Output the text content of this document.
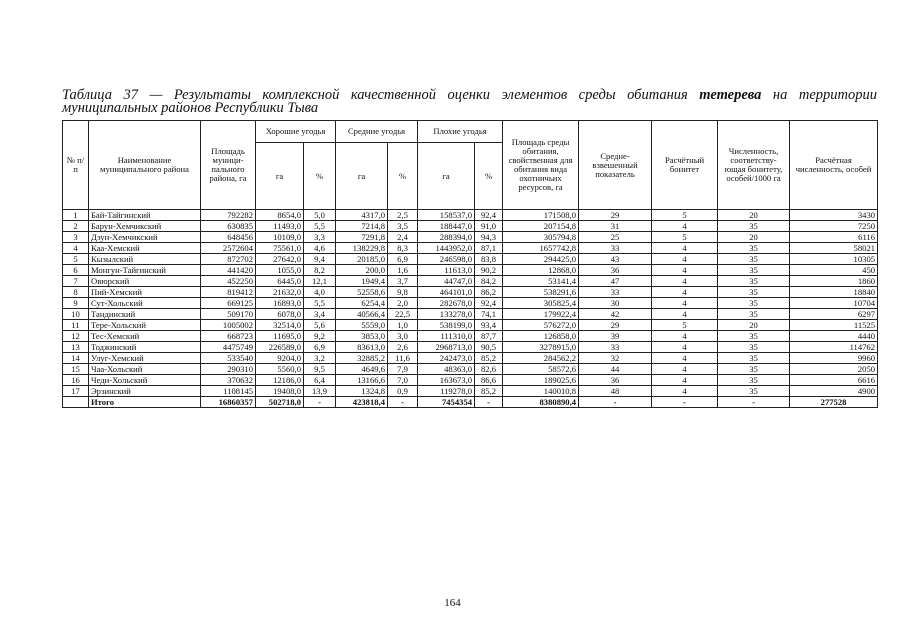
Таблица 37 — Результаты комплексной качественной оценки элементов среды обитания тетерева на территории муниципальных районов Республики Тыва
№ п/п	Наименование муниципального района	Площадь муници-пального района, га	Хорошие угодья		Средние угодья		Плохие угодья		Площадь среды обитания, свойственная для обитания вида охотничьих ресурсов, га	Средне-взвешенный показатель	Расчётный бонитет	Численность, соответству-ющая бонитету, особей/1000 га	Расчётная численность, особей
			га	%	га	%	га	%					
1	Бай-Тайгинский	792282	8654,0	5,0	4317,0	2,5	158537,0	92,4	171508,0	29	5	20	3430
2	Барун-Хемчикский	630835	11493,0	5,5	7214,8	3,5	188447,0	91,0	207154,8	31	4	35	7250
3	Дзун-Хемчикский	648456	10109,0	3,3	7291,8	2,4	288394,0	94,3	305794,8	25	5	20	6116
4	Каа-Хемский	2572604	75561,0	4,6	138229,8	8,3	1443952,0	87,1	1657742,8	33	4	35	58021
5	Кызылский	872702	27642,0	9,4	20185,0	6,9	246598,0	83,8	294425,0	43	4	35	10305
6	Монгун-Тайгинский	441420	1055,0	8,2	200,0	1,6	11613,0	90,2	12868,0	36	4	35	450
7	Овюрский	452250	6445,0	12,1	1949,4	3,7	44747,0	84,2	53141,4	47	4	35	1860
8	Пий-Хемский	819412	21632,0	4,0	52558,6	9,8	464101,0	86,2	538291,6	33	4	35	18840
9	Сут-Хольский	669125	16893,0	5,5	6254,4	2,0	282678,0	92,4	305825,4	30	4	35	10704
10	Тандинский	509170	6078,0	3,4	40566,4	22,5	133278,0	74,1	179922,4	42	4	35	6297
11	Тере-Хольский	1005002	32514,0	5,6	5559,0	1,0	538199,0	93,4	576272,0	29	5	20	11525
12	Тес-Хемский	668723	11695,0	9,2	3853,0	3,0	111310,0	87,7	126858,0	39	4	35	4440
13	Тоджинский	4475749	226589,0	6,9	83613,0	2,6	2968713,0	90,5	3278915,0	33	4	35	114762
14	Улуг-Хемский	533540	9204,0	3,2	32885,2	11,6	242473,0	85,2	284562,2	32	4	35	9960
15	Чаа-Хольский	290310	5560,0	9,5	4649,6	7,9	48363,0	82,6	58572,6	44	4	35	2050
16	Чеди-Хольский	370632	12186,0	6,4	13166,6	7,0	163673,0	86,6	189025,6	36	4	35	6616
17	Эрзинский	1108145	19408,0	13,9	1324,8	0,9	119278,0	85,2	140010,8	48	4	35	4900
	Итого	16860357	502718,0	-	423818,4	-	7454354	-	8380890,4	-	-	-	277528
164
